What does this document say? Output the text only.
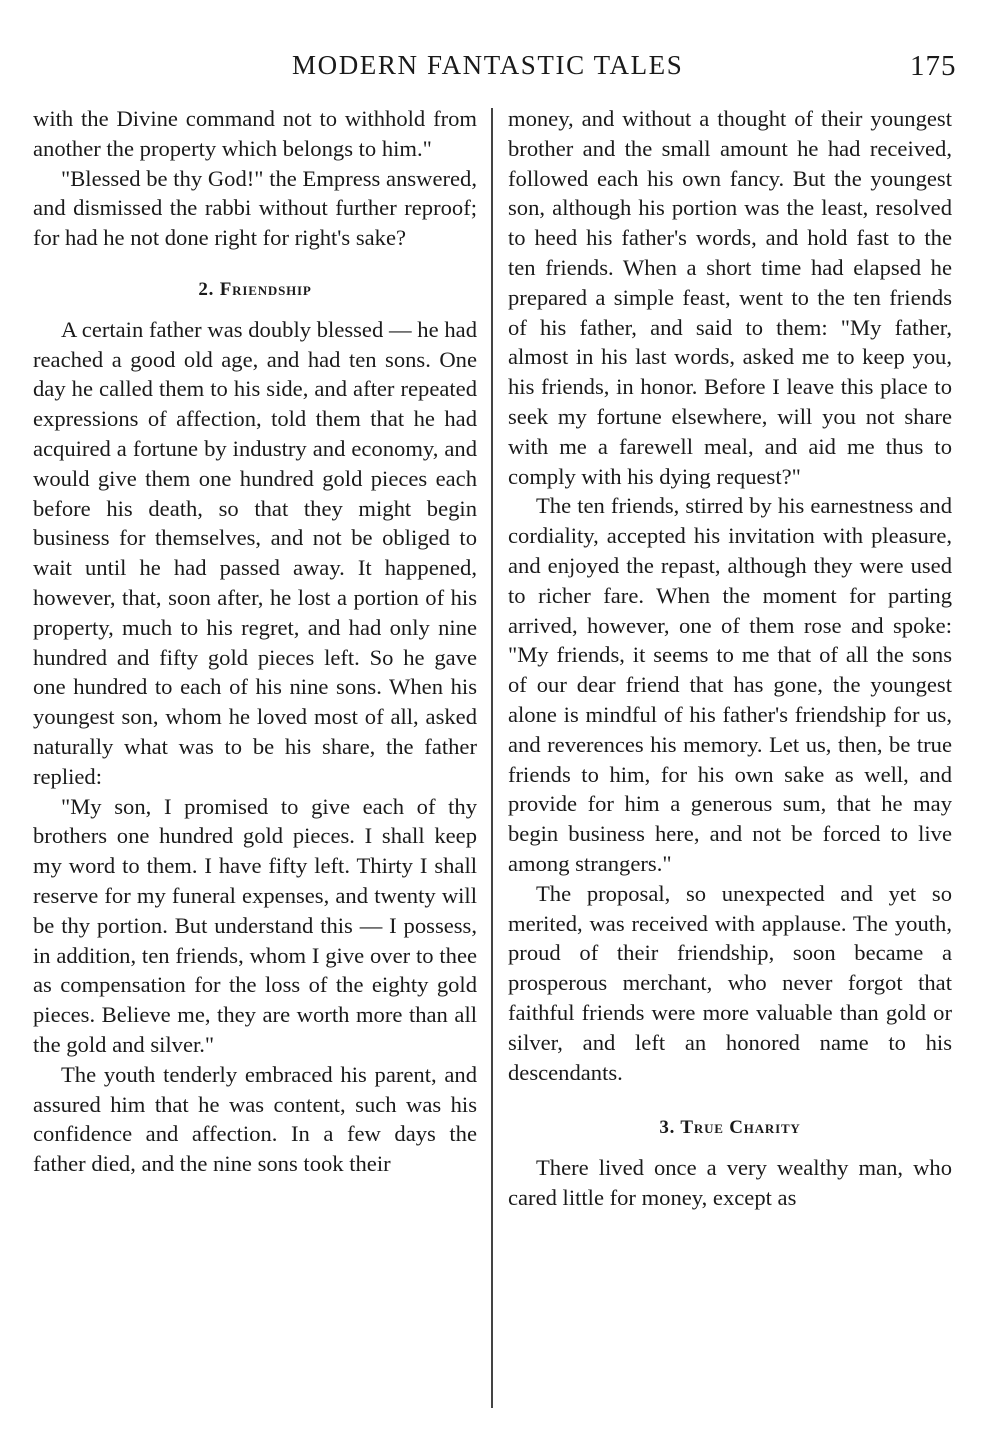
MODERN FANTASTIC TALES	175

with the Divine command not to withhold from another the property which belongs to him."

"Blessed be thy God!" the Empress answered, and dismissed the rabbi without further reproof; for had he not done right for right's sake?

2. Friendship

A certain father was doubly blessed — he had reached a good old age, and had ten sons. One day he called them to his side, and after repeated expressions of affection, told them that he had acquired a fortune by industry and economy, and would give them one hundred gold pieces each before his death, so that they might begin business for themselves, and not be obliged to wait until he had passed away. It happened, however, that, soon after, he lost a portion of his property, much to his regret, and had only nine hundred and fifty gold pieces left. So he gave one hundred to each of his nine sons. When his youngest son, whom he loved most of all, asked naturally what was to be his share, the father replied:

"My son, I promised to give each of thy brothers one hundred gold pieces. I shall keep my word to them. I have fifty left. Thirty I shall reserve for my funeral expenses, and twenty will be thy portion. But understand this — I possess, in addition, ten friends, whom I give over to thee as compensation for the loss of the eighty gold pieces. Believe me, they are worth more than all the gold and silver."

The youth tenderly embraced his parent, and assured him that he was content, such was his confidence and affection. In a few days the father died, and the nine sons took their

money, and without a thought of their youngest brother and the small amount he had received, followed each his own fancy. But the youngest son, although his portion was the least, resolved to heed his father's words, and hold fast to the ten friends. When a short time had elapsed he prepared a simple feast, went to the ten friends of his father, and said to them: "My father, almost in his last words, asked me to keep you, his friends, in honor. Before I leave this place to seek my fortune elsewhere, will you not share with me a farewell meal, and aid me thus to comply with his dying request?"

The ten friends, stirred by his earnestness and cordiality, accepted his invitation with pleasure, and enjoyed the repast, although they were used to richer fare. When the moment for parting arrived, however, one of them rose and spoke: "My friends, it seems to me that of all the sons of our dear friend that has gone, the youngest alone is mindful of his father's friendship for us, and reverences his memory. Let us, then, be true friends to him, for his own sake as well, and provide for him a generous sum, that he may begin business here, and not be forced to live among strangers."

The proposal, so unexpected and yet so merited, was received with applause. The youth, proud of their friendship, soon became a prosperous merchant, who never forgot that faithful friends were more valuable than gold or silver, and left an honored name to his descendants.

3. True Charity

There lived once a very wealthy man, who cared little for money, except as
